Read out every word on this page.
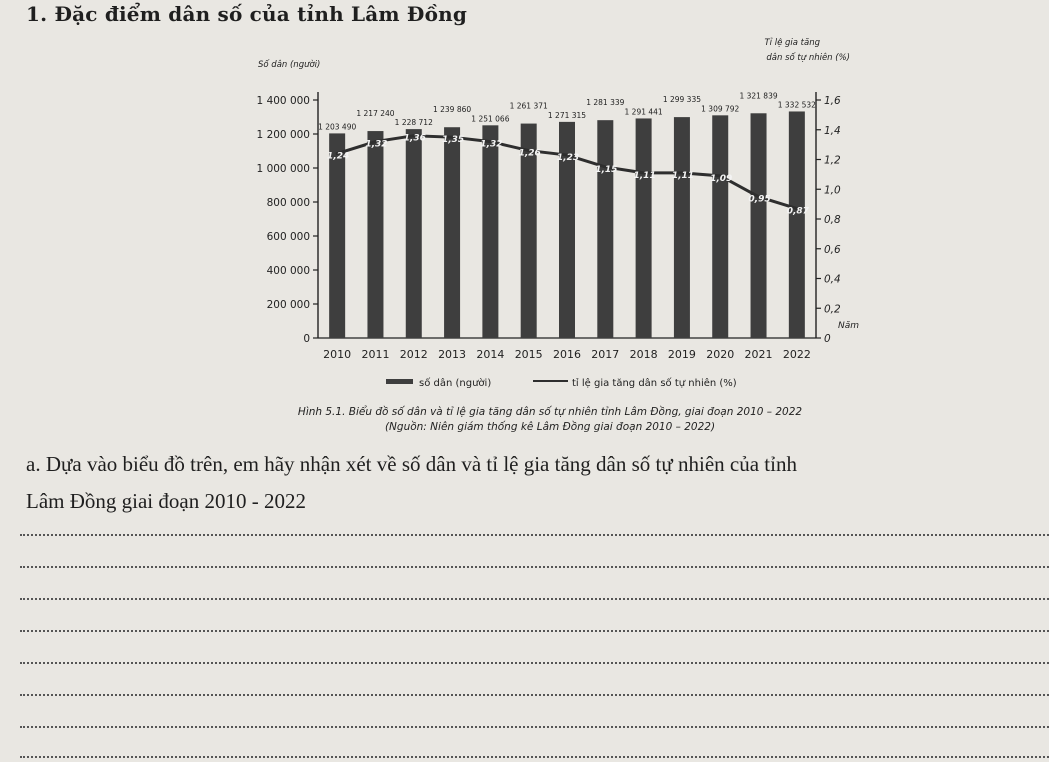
1. Đặc điểm dân số của tỉnh Lâm Đồng
0
200 000
400 000
600 000
800 000
1 000 000
1 200 000
1 400 000
Số dân (người)
0
0,2
0,4
0,6
0,8
1,0
1,2
1,4
1,6
Tỉ lệ gia tăng
dân số tự nhiên (%)
Năm
1 203 490
2010
1 217 240
2011
1 228 712
2012
1 239 860
2013
1 251 066
2014
1 261 371
2015
1 271 315
2016
1 281 339
2017
1 291 441
2018
1 299 335
2019
1 309 792
2020
1 321 839
2021
1 332 532
2022
1,24
1,32
1,36 1,35 1,32
1,26 1,23
1,15
1,11 1,11 1,09
0,95
0,87
số dân (người)	tỉ lệ gia tăng dân số tự nhiên (%)
Hình 5.1. Biểu đồ số dân và tỉ lệ gia tăng dân số tự nhiên tỉnh Lâm Đồng, giai đoạn 2010 – 2022
(Nguồn: Niên giám thống kê Lâm Đồng giai đoạn 2010 – 2022)
a. Dựa vào biểu đồ trên, em hãy nhận xét về số dân và tỉ lệ gia tăng dân số tự nhiên của tỉnh
Lâm Đồng giai đoạn 2010 - 2022
